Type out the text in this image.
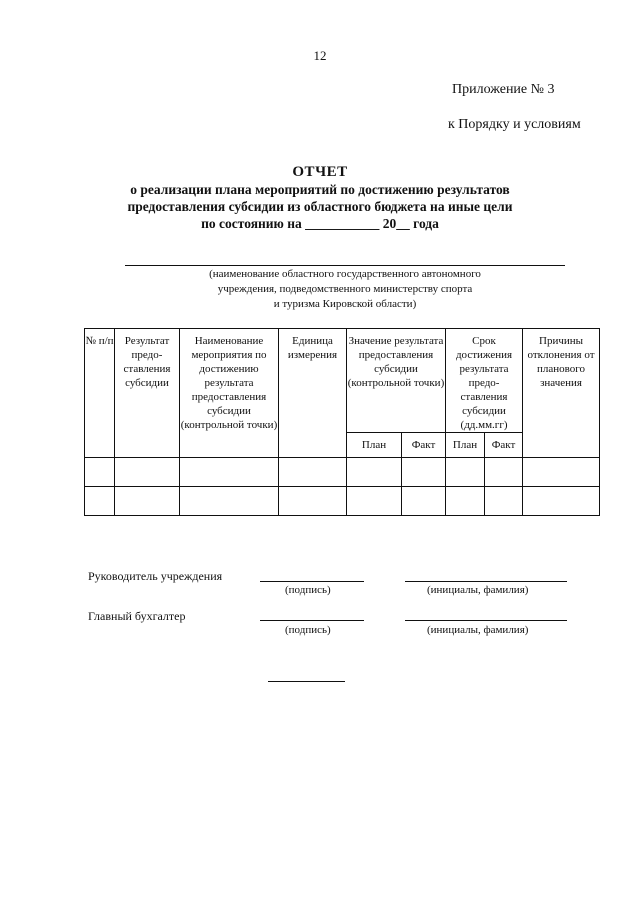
12
Приложение № 3
к Порядку и условиям
ОТЧЕТ
о реализации плана мероприятий по достижению результатов
предоставления субсидии из областного бюджета на иные цели
по состоянию на ___________ 20__ года
(наименование областного государственного автономного
учреждения, подведомственного министерству спорта
и туризма Кировской области)
№ п/п	Результат предо-ставления субсидии	Наименование мероприятия по достижению результата предоставления субсидии (контрольной точки)	Единица измерения	Значение результата предоставления субсидии (контрольной точки)		Срок достижения результата предо-ставления субсидии (дд.мм.гг)		Причины отклонения от планового значения
				План	Факт	План	Факт	

Руководитель учреждения
(подпись)	(инициалы, фамилия)
Главный бухгалтер
(подпись)	(инициалы, фамилия)
